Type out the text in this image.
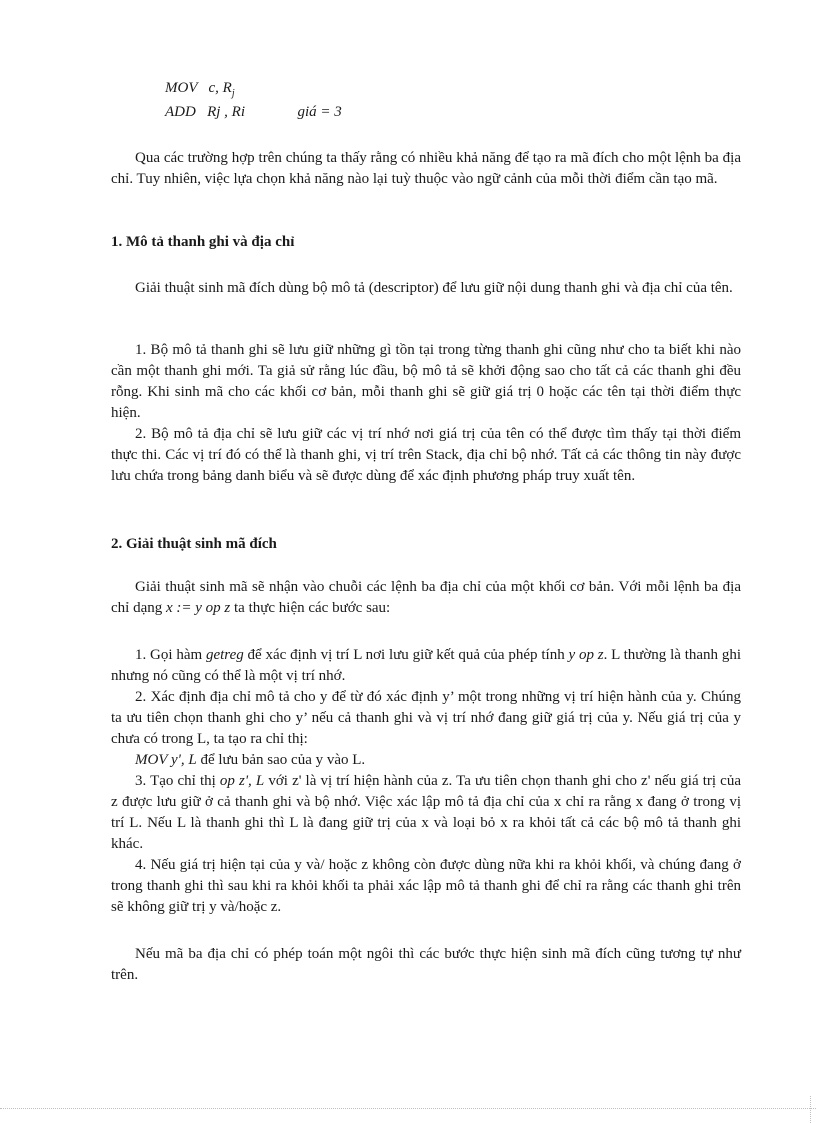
MOV c, $R_j$
ADD Rj , Ri	giá = 3

Qua các trường hợp trên chúng ta thấy rằng có nhiều khả năng để tạo ra mã đích cho một lệnh ba địa chỉ. Tuy nhiên, việc lựa chọn khả năng nào lại tuỳ thuộc vào ngữ cảnh của mỗi thời điểm cần tạo mã.

1. Mô tả thanh ghi và địa chỉ

Giải thuật sinh mã đích dùng bộ mô tả (descriptor) để lưu giữ nội dung thanh ghi và địa chỉ của tên.

1. Bộ mô tả thanh ghi sẽ lưu giữ những gì tồn tại trong từng thanh ghi cũng như cho ta biết khi nào cần một thanh ghi mới. Ta giả sử rằng lúc đầu, bộ mô tả sẽ khởi động sao cho tất cả các thanh ghi đều rỗng. Khi sinh mã cho các khối cơ bản, mỗi thanh ghi sẽ giữ giá trị 0 hoặc các tên tại thời điểm thực hiện.

2. Bộ mô tả địa chỉ sẽ lưu giữ các vị trí nhớ nơi giá trị của tên có thể được tìm thấy tại thời điểm thực thi. Các vị trí đó có thể là thanh ghi, vị trí trên Stack, địa chỉ bộ nhớ. Tất cả các thông tin này được lưu chứa trong bảng danh biểu và sẽ được dùng để xác định phương pháp truy xuất tên.

2. Giải thuật sinh mã đích

Giải thuật sinh mã sẽ nhận vào chuỗi các lệnh ba địa chỉ của một khối cơ bản. Với mỗi lệnh ba địa chỉ dạng x := y op z ta thực hiện các bước sau:

1. Gọi hàm getreg để xác định vị trí L nơi lưu giữ kết quả của phép tính y op z. L thường là thanh ghi nhưng nó cũng có thể là một vị trí nhớ.

2. Xác định địa chỉ mô tả cho y để từ đó xác định y’ một trong những vị trí hiện hành của y. Chúng ta ưu tiên chọn thanh ghi cho y’ nếu cả thanh ghi và vị trí nhớ đang giữ giá trị của y. Nếu giá trị của y chưa có trong L, ta tạo ra chỉ thị:

MOV y', L để lưu bản sao của y vào L.

3. Tạo chỉ thị op z', L với z' là vị trí hiện hành của z. Ta ưu tiên chọn thanh ghi cho z' nếu giá trị của z được lưu giữ ở cả thanh ghi và bộ nhớ. Việc xác lập mô tả địa chỉ của x chỉ ra rằng x đang ở trong vị trí L. Nếu L là thanh ghi thì L là đang giữ trị của x và loại bỏ x ra khỏi tất cả các bộ mô tả thanh ghi khác.

4. Nếu giá trị hiện tại của y và/ hoặc z không còn được dùng nữa khi ra khỏi khối, và chúng đang ở trong thanh ghi thì sau khi ra khỏi khối ta phải xác lập mô tả thanh ghi để chỉ ra rằng các thanh ghi trên sẽ không giữ trị y và/hoặc z.

Nếu mã ba địa chỉ có phép toán một ngôi thì các bước thực hiện sinh mã đích cũng tương tự như trên.
